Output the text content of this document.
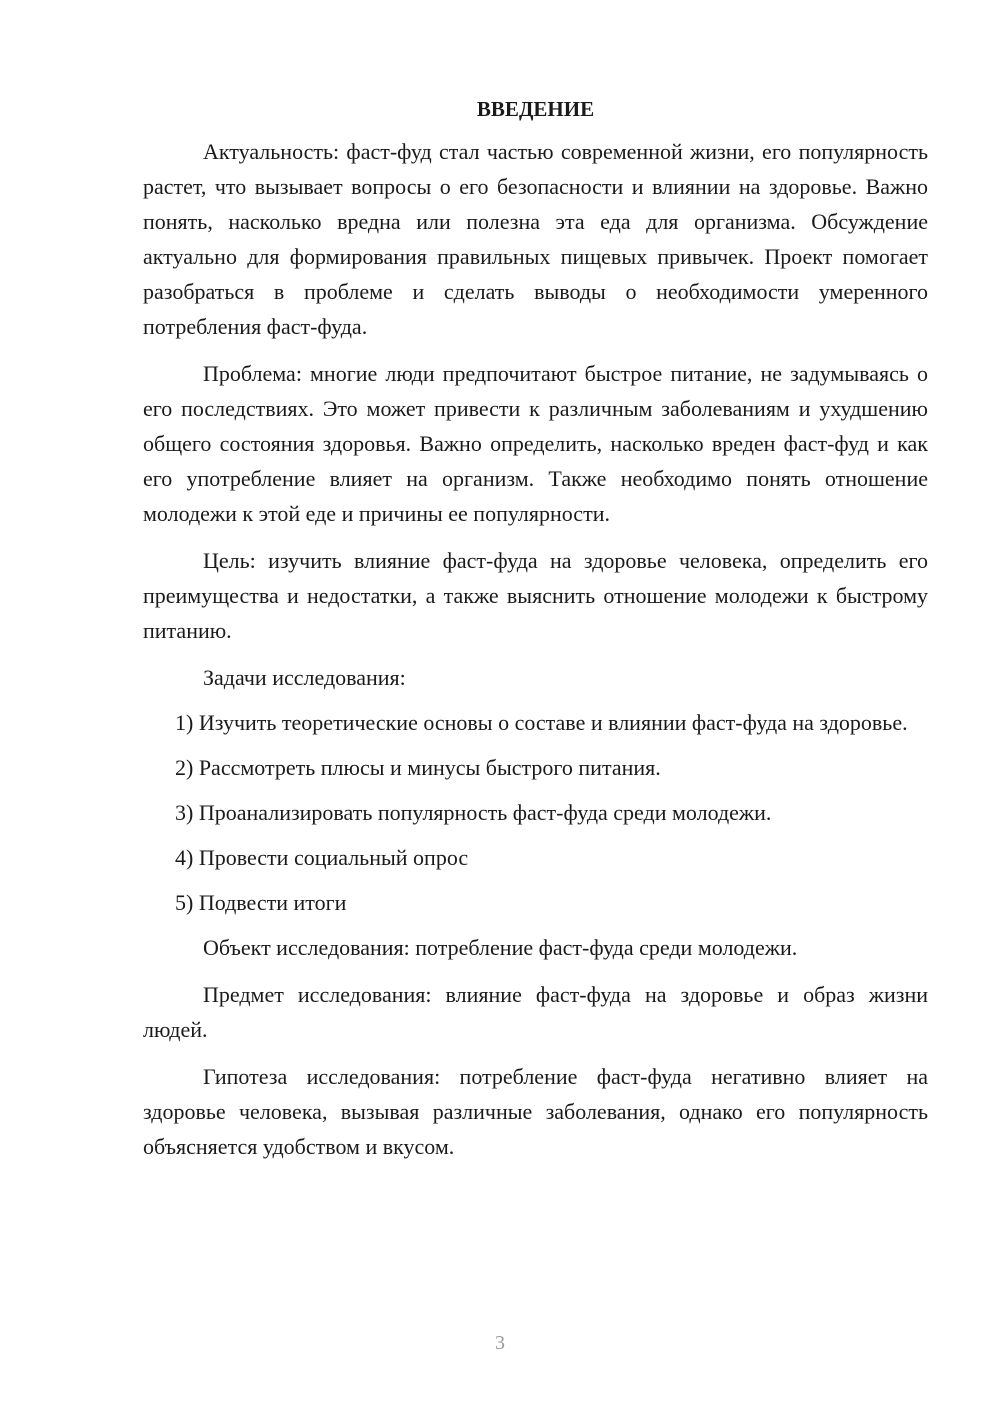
ВВЕДЕНИЕ

Актуальность: фаст-фуд стал частью современной жизни, его популярность растет, что вызывает вопросы о его безопасности и влиянии на здоровье. Важно понять, насколько вредна или полезна эта еда для организма. Обсуждение актуально для формирования правильных пищевых привычек. Проект помогает разобраться в проблеме и сделать выводы о необходимости умеренного потребления фаст-фуда.

Проблема: многие люди предпочитают быстрое питание, не задумываясь о его последствиях. Это может привести к различным заболеваниям и ухудшению общего состояния здоровья. Важно определить, насколько вреден фаст-фуд и как его употребление влияет на организм. Также необходимо понять отношение молодежи к этой еде и причины ее популярности.

Цель: изучить влияние фаст-фуда на здоровье человека, определить его преимущества и недостатки, а также выяснить отношение молодежи к быстрому питанию.

Задачи исследования:

1) Изучить теоретические основы о составе и влиянии фаст-фуда на здоровье.

2) Рассмотреть плюсы и минусы быстрого питания.

3) Проанализировать популярность фаст-фуда среди молодежи.

4) Провести социальный опрос

5) Подвести итоги

Объект исследования: потребление фаст-фуда среди молодежи.

Предмет исследования: влияние фаст-фуда на здоровье и образ жизни людей.

Гипотеза исследования: потребление фаст-фуда негативно влияет на здоровье человека, вызывая различные заболевания, однако его популярность объясняется удобством и вкусом.

3
